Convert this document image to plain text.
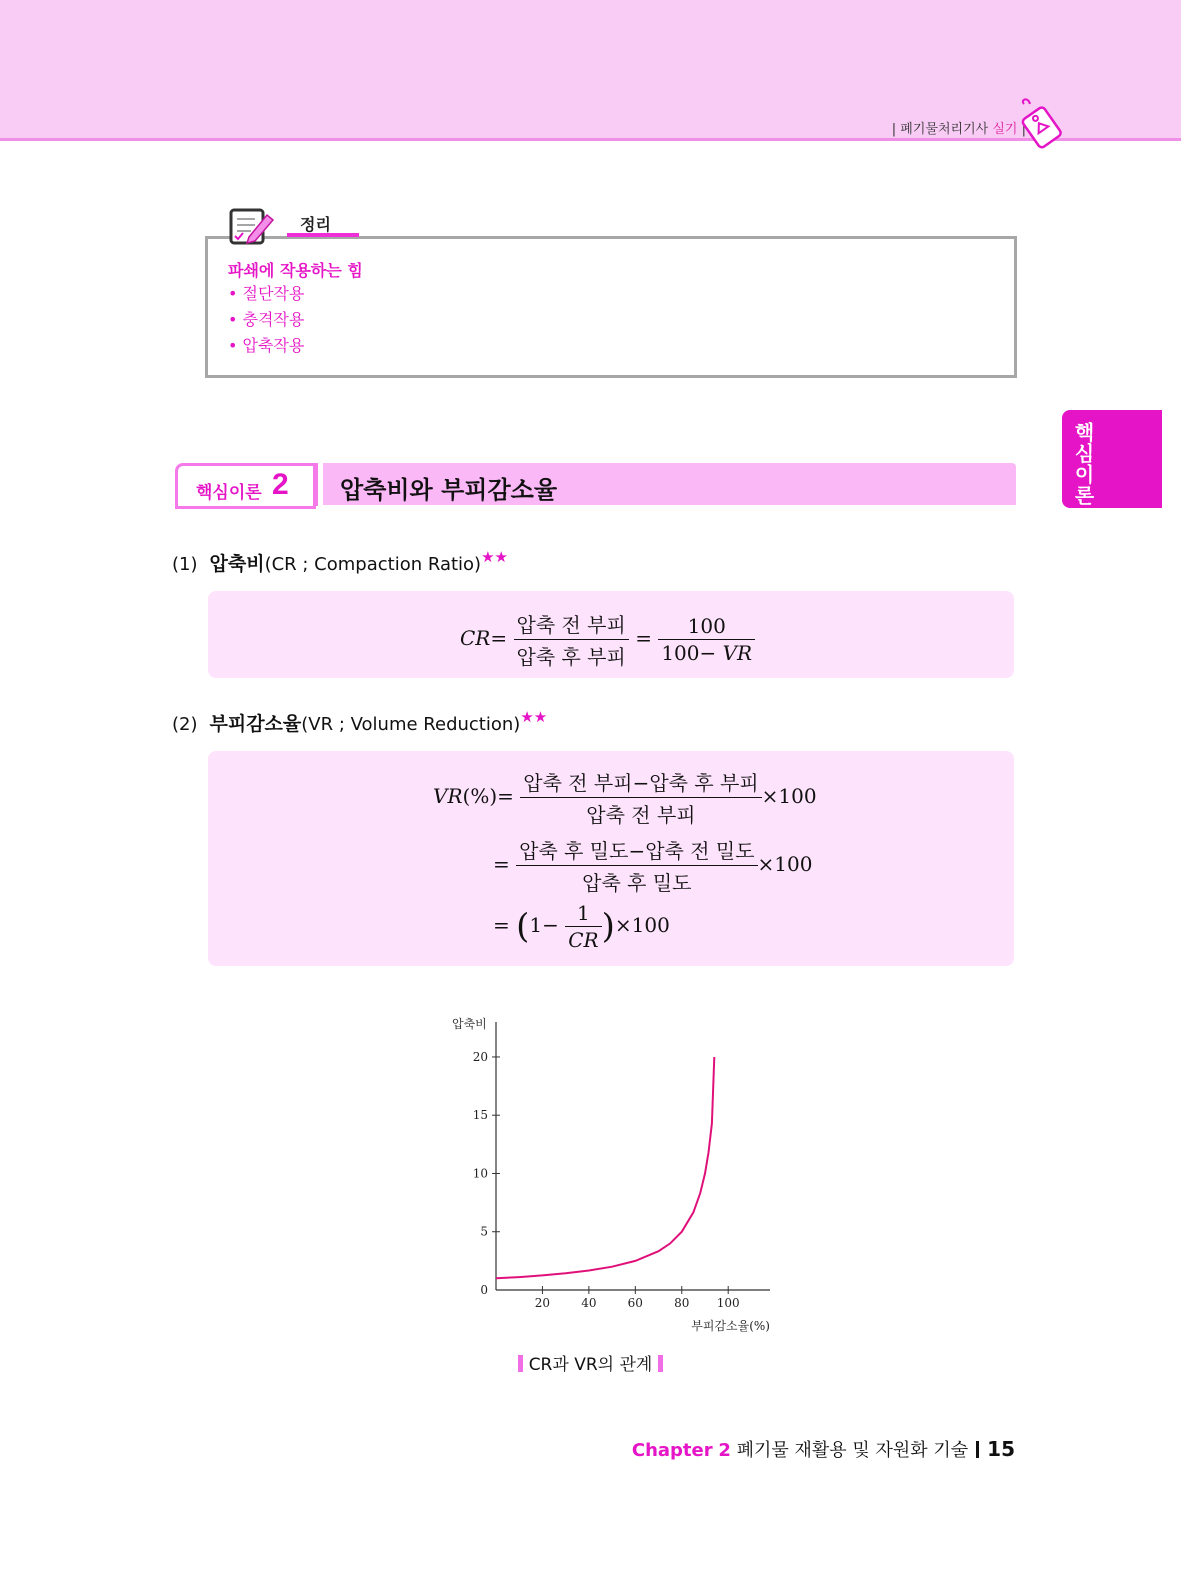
| 폐기물처리기사 실기 |
핵심이론
정리
파쇄에 작용하는 힘
• 절단작용
• 충격작용
• 압축작용
핵심이론 2 압축비와 부피감소율
(1) 압축비(CR ; Compaction Ratio)★★
$CR= \frac{\text{압축 전 부피}}{\text{압축 후 부피}} = \frac{100}{100- VR}$
(2) 부피감소율(VR ; Volume Reduction)★★
$VR(\%)= \frac{\text{압축 전 부피−압축 후 부피}}{\text{압축 전 부피}} \times 100$
= $\frac{\text{압축 후 밀도−압축 전 밀도}}{\text{압축 후 밀도}} \times 100$
= $(1- \frac{1}{CR} )\times 100$
20	40	60	80 100
0
5
10
15
20
압축비
부피감소율(%)
CR과 VR의 관계
Chapter 2 폐기물 재활용 및 자원화 기술 15
